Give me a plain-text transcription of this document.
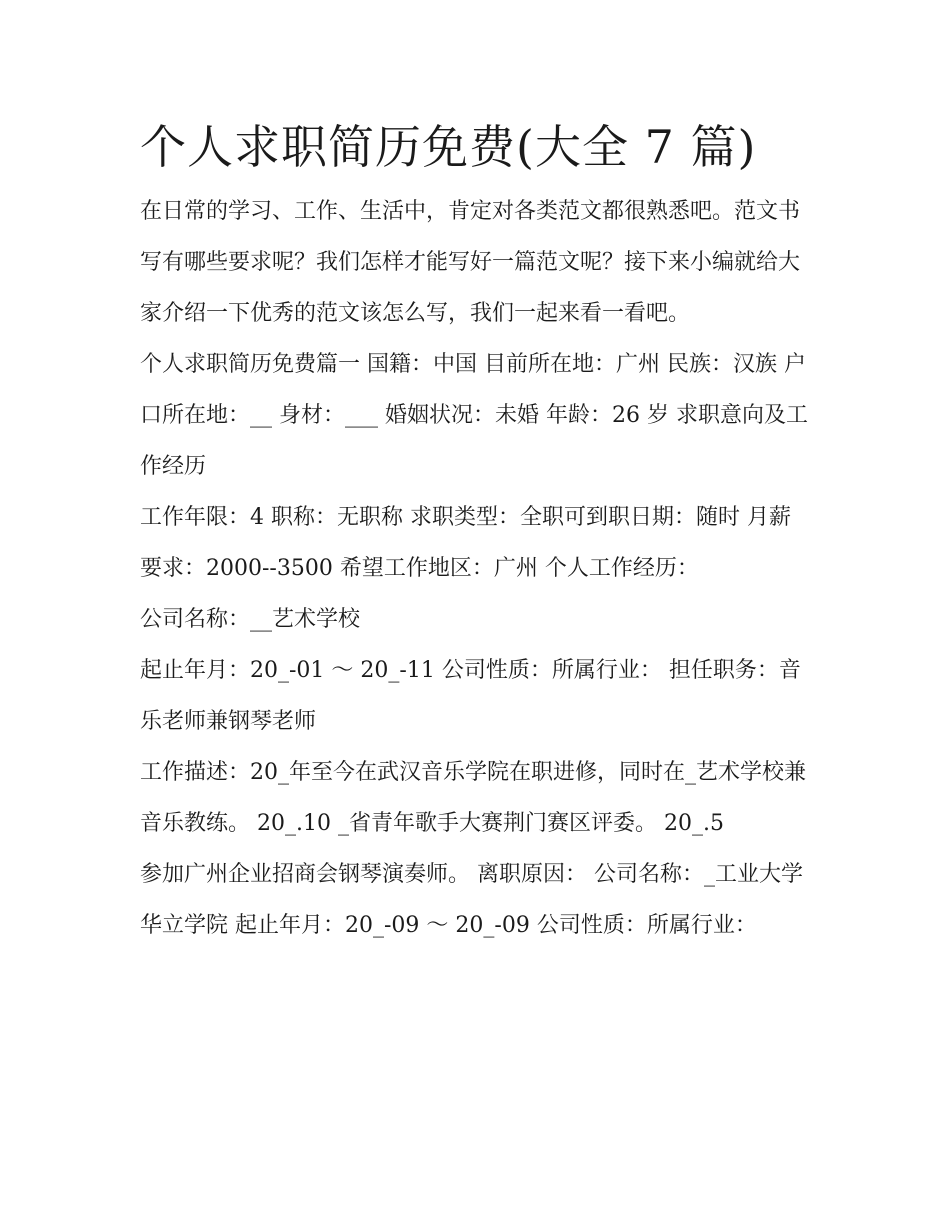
个人求职简历免费(大全 7 篇)

在日常的学习、工作、生活中，肯定对各类范文都很熟悉吧。范文书写有哪些要求呢？我们怎样才能写好一篇范文呢？接下来小编就给大家介绍一下优秀的范文该怎么写，我们一起来看一看吧。

个人求职简历免费篇一 国籍：中国 目前所在地：广州 民族：汉族 户口所在地：__ 身材：___ 婚姻状况：未婚 年龄：26 岁 求职意向及工作经历

工作年限：4 职称：无职称 求职类型：全职可到职日期：随时 月薪要求：2000--3500 希望工作地区：广州 个人工作经历：

公司名称：__艺术学校

起止年月：20_-01 ～ 20_-11 公司性质：所属行业： 担任职务：音乐老师兼钢琴老师

工作描述：20_年至今在武汉音乐学院在职进修，同时在_艺术学校兼音乐教练。 20_.10 _省青年歌手大赛荆门赛区评委。 20_.5

参加广州企业招商会钢琴演奏师。 离职原因： 公司名称：_工业大学华立学院 起止年月：20_-09 ～ 20_-09 公司性质：所属行业：
